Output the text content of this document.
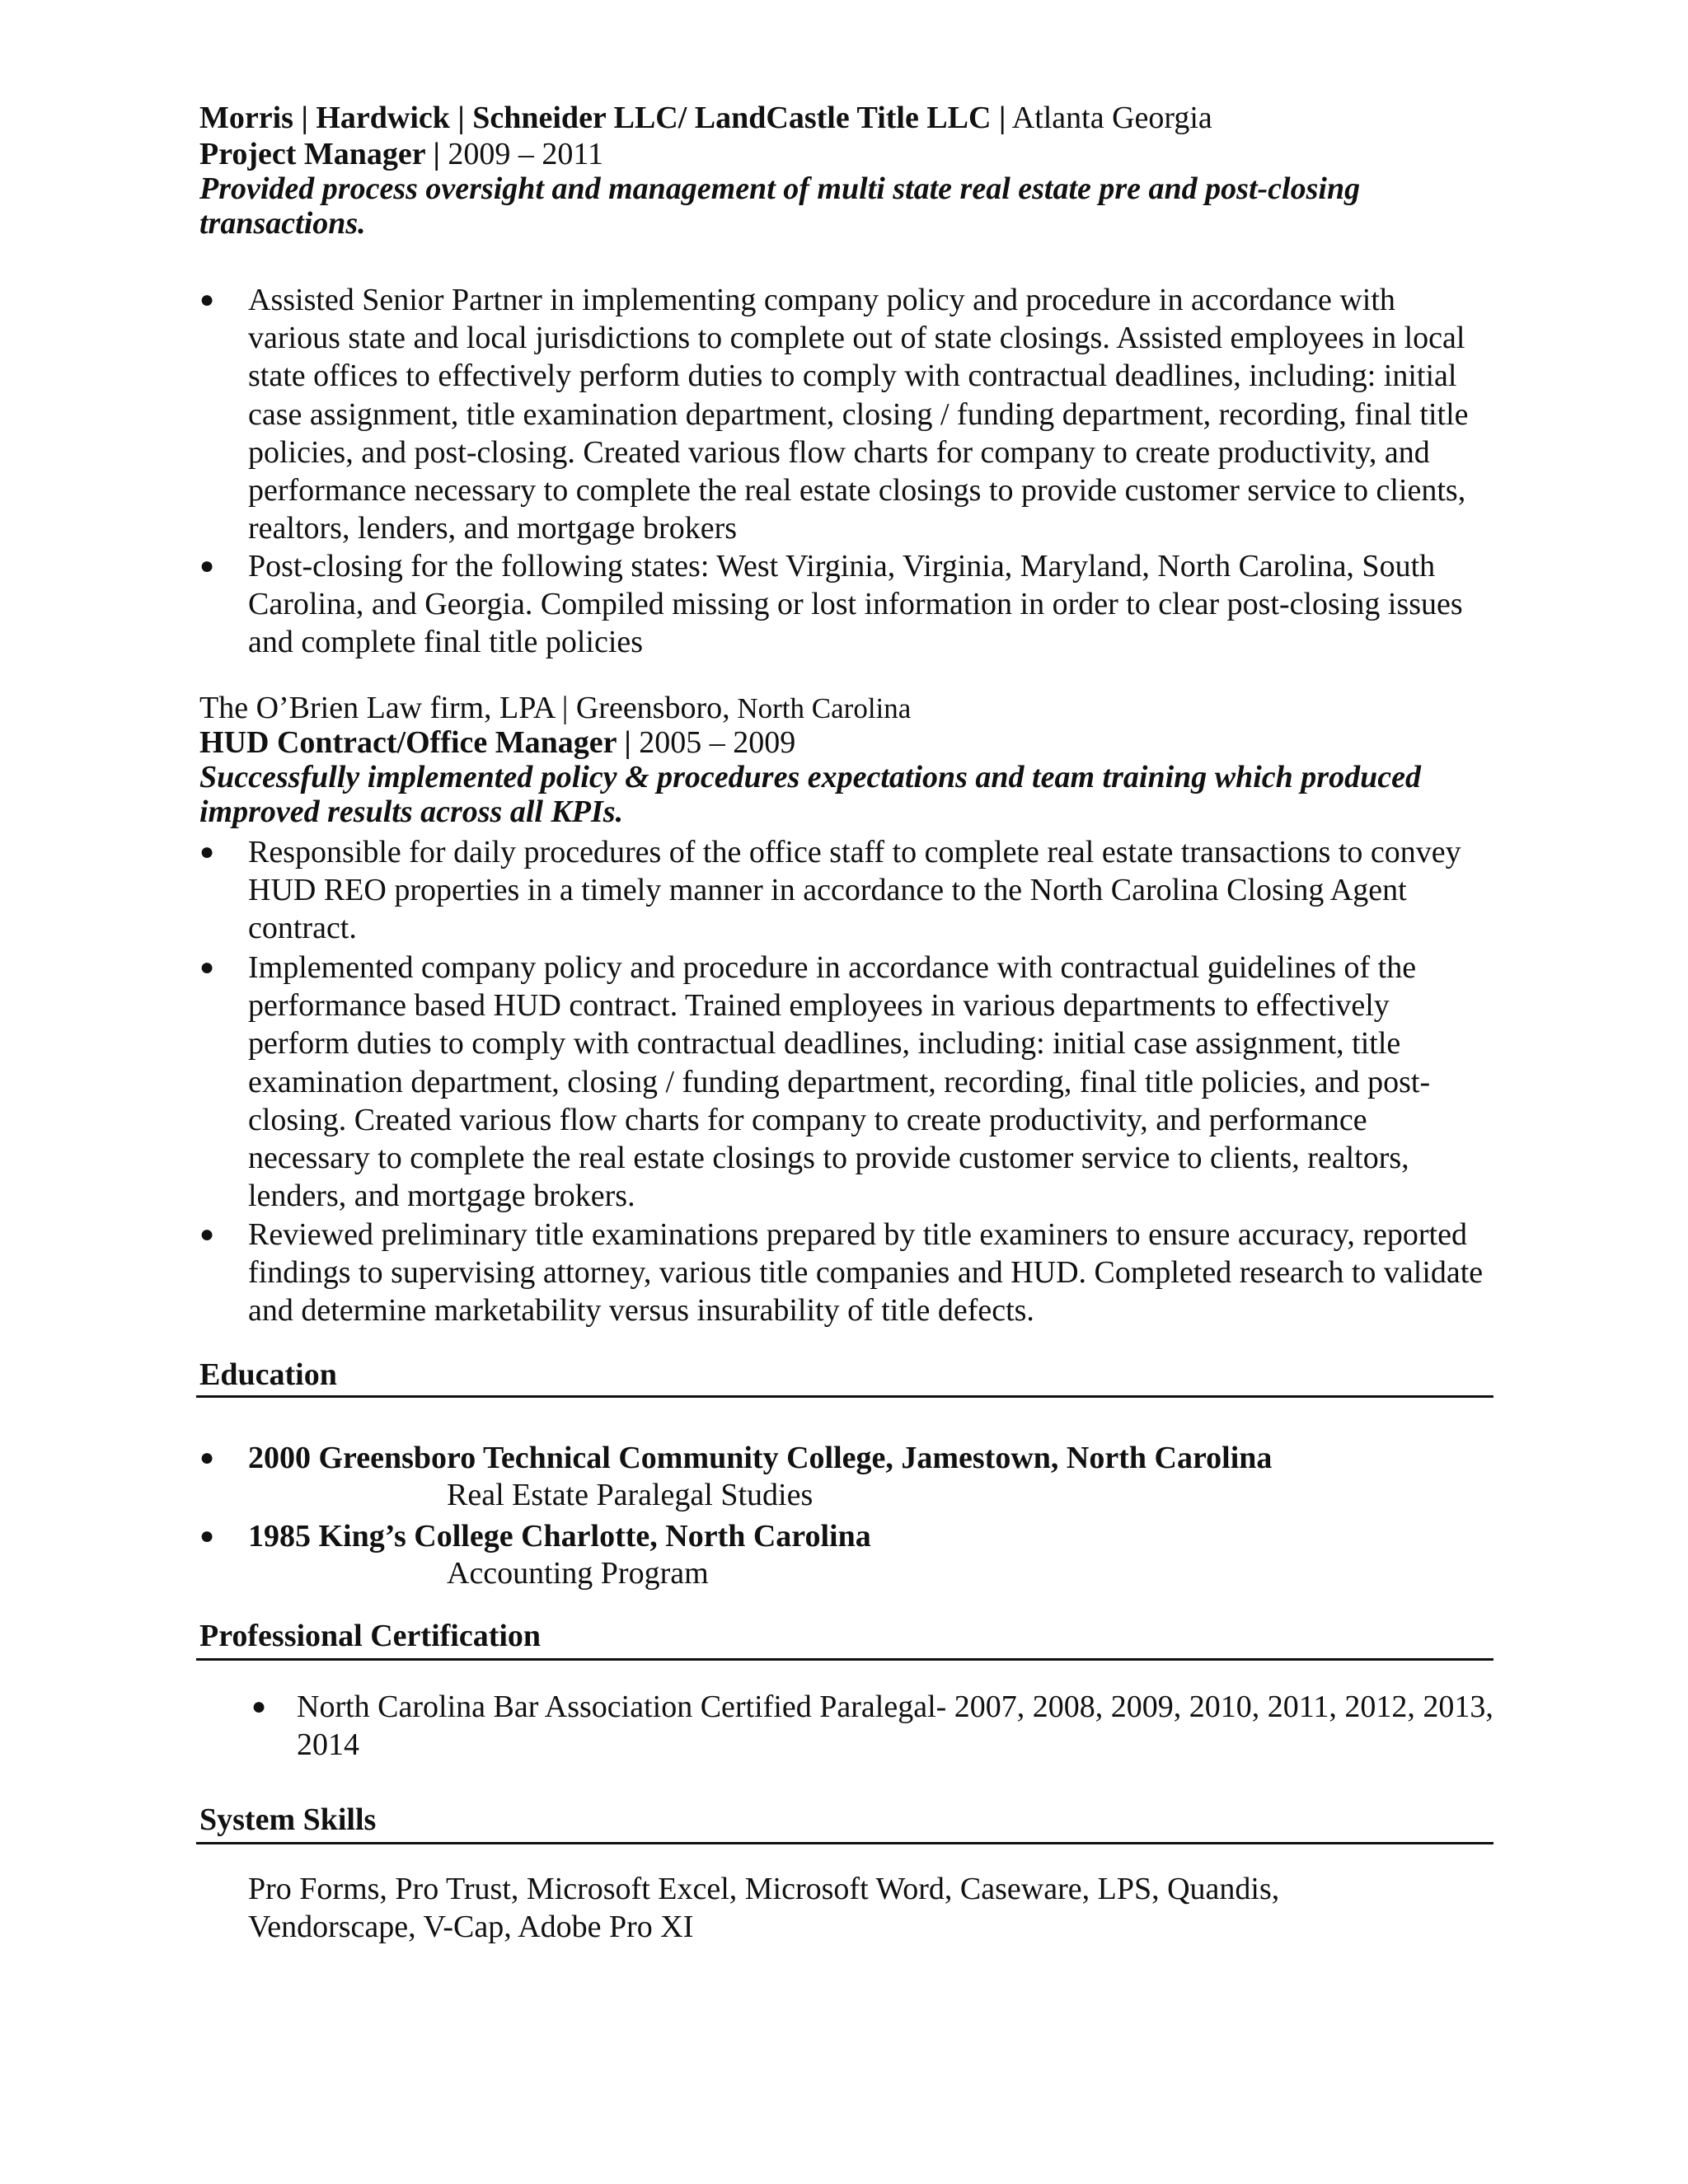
Morris | Hardwick | Schneider LLC/ LandCastle Title LLC | Atlanta Georgia
Project Manager | 2009 – 2011
Provided process oversight and management of multi state real estate pre and post-closing
transactions.
● Assisted Senior Partner in implementing company policy and procedure in accordance with various state and local jurisdictions to complete out of state closings. Assisted employees in local state offices to effectively perform duties to comply with contractual deadlines, including: initial case assignment, title examination department, closing / funding department, recording, final title policies, and post-closing. Created various flow charts for company to create productivity, and performance necessary to complete the real estate closings to provide customer service to clients, realtors, lenders, and mortgage brokers
● Post-closing for the following states: West Virginia, Virginia, Maryland, North Carolina, South Carolina, and Georgia. Compiled missing or lost information in order to clear post-closing issues and complete final title policies
The O’Brien Law firm, LPA | Greensboro, North Carolina
HUD Contract/Office Manager | 2005 – 2009
Successfully implemented policy & procedures expectations and team training which produced
improved results across all KPIs.
● Responsible for daily procedures of the office staff to complete real estate transactions to convey HUD REO properties in a timely manner in accordance to the North Carolina Closing Agent contract.
● Implemented company policy and procedure in accordance with contractual guidelines of the performance based HUD contract. Trained employees in various departments to effectively perform duties to comply with contractual deadlines, including: initial case assignment, title examination department, closing / funding department, recording, final title policies, and post-closing. Created various flow charts for company to create productivity, and performance necessary to complete the real estate closings to provide customer service to clients, realtors, lenders, and mortgage brokers.
● Reviewed preliminary title examinations prepared by title examiners to ensure accuracy, reported findings to supervising attorney, various title companies and HUD. Completed research to validate and determine marketability versus insurability of title defects.
Education
● 2000 Greensboro Technical Community College, Jamestown, North Carolina
Real Estate Paralegal Studies
● 1985 King’s College Charlotte, North Carolina
Accounting Program
Professional Certification
● North Carolina Bar Association Certified Paralegal- 2007, 2008, 2009, 2010, 2011, 2012, 2013, 2014
System Skills
Pro Forms, Pro Trust, Microsoft Excel, Microsoft Word, Caseware, LPS, Quandis, Vendorscape, V-Cap, Adobe Pro XI
